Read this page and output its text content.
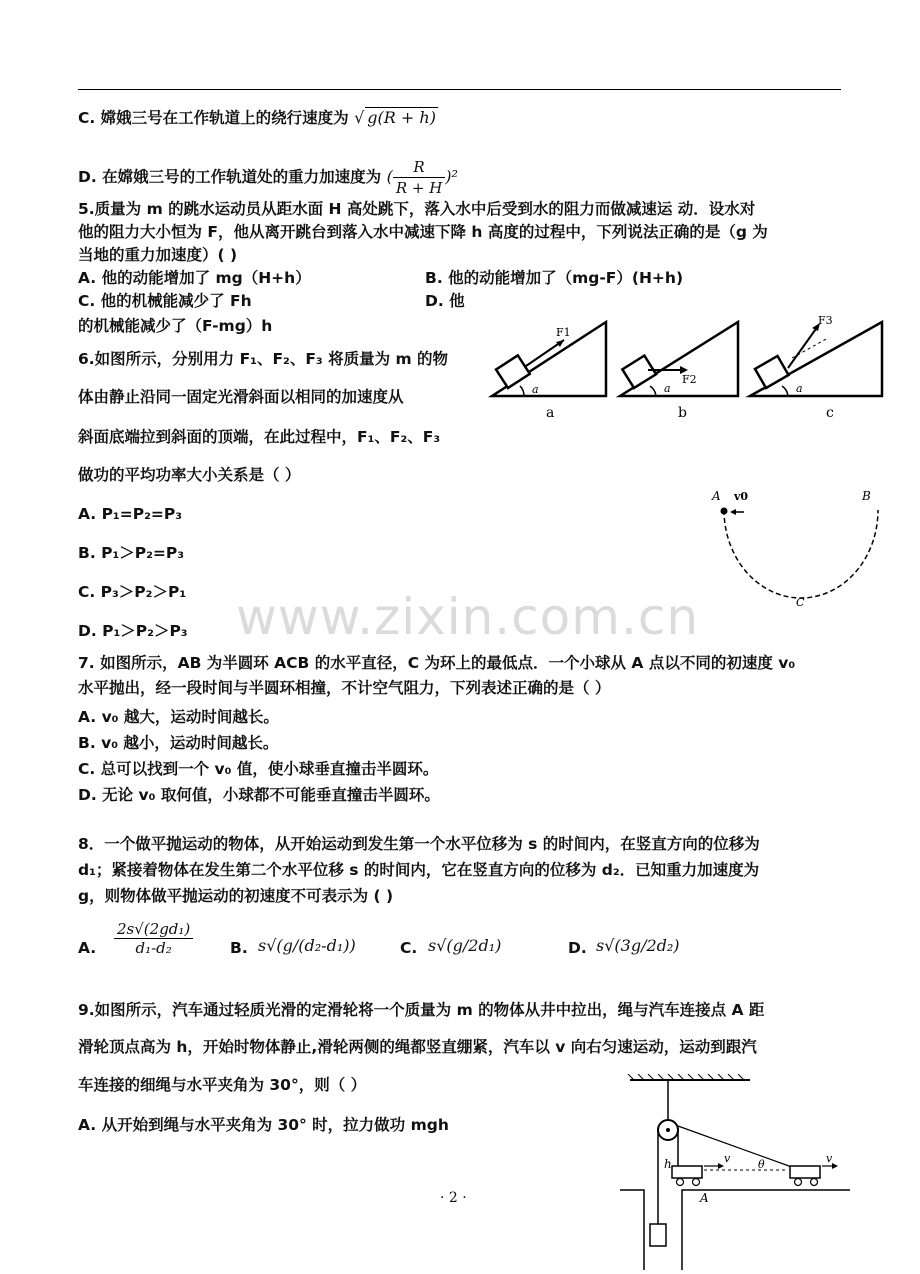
C. 嫦娥三号在工作轨道上的绕行速度为 √ g(R + h)
D. 在嫦娥三号的工作轨道处的重力加速度为 ( $\frac{R}{R + H} )^2$
5.质量为 m 的跳水运动员从距水面 H 高处跳下，落入水中后受到水的阻力而做减速运 动．设水对
他的阻力大小恒为 F，他从离开跳台到落入水中减速下降 h 高度的过程中，下列说法正确的是（g 为
当地的重力加速度）( )
A. 他的动能增加了 mg（H+h）	B. 他的动能增加了（mg-F）(H+h)
C. 他的机械能减少了 Fh	D. 他
的机械能减少了（F-mg）h
6.如图所示，分别用力 F₁、F₂、F₃ 将质量为 m 的物
体由静止沿同一固定光滑斜面以相同的加速度从
斜面底端拉到斜面的顶端，在此过程中，F₁、F₂、F₃
做功的平均功率大小关系是（ ）
A. P₁=P₂=P₃
B. P₁＞P₂=P₃
C. P₃＞P₂＞P₁
D. P₁＞P₂＞P₃
F1
a
a
F2
a
b
F3
a
c
A v0	B
C
www.zixin.com.cn
7. 如图所示，AB 为半圆环 ACB 的水平直径，C 为环上的最低点．一个小球从 A 点以不同的初速度 v₀
水平抛出，经一段时间与半圆环相撞，不计空气阻力，下列表述正确的是（ ）
A. v₀ 越大，运动时间越长。
B. v₀ 越小，运动时间越长。
C. 总可以找到一个 v₀ 值，使小球垂直撞击半圆环。
D. 无论 v₀ 取何值，小球都不可能垂直撞击半圆环。
8．一个做平抛运动的物体，从开始运动到发生第一个水平位移为 s 的时间内，在竖直方向的位移为
d₁；紧接着物体在发生第二个水平位移 s 的时间内，它在竖直方向的位移为 d₂．已知重力加速度为
g，则物体做平抛运动的初速度不可表示为 ( )
A. $\frac{\text{2s√(2gd₁)}}{\text{d₁-d₂}} B$. s√(g/(d₂-d₁))	C. s√(g/2d₁)	D. s√(3g/2d₂)
9.如图所示，汽车通过轻质光滑的定滑轮将一个质量为 m 的物体从井中拉出，绳与汽车连接点 A 距
滑轮顶点高为 h，开始时物体静止,滑轮两侧的绳都竖直绷紧，汽车以 v 向右匀速运动，运动到跟汽
车连接的细绳与水平夹角为 30°，则（ ）
A. 从开始到绳与水平夹角为 30° 时，拉力做功 mgh
v	v
θ
h
A
· 2 ·
